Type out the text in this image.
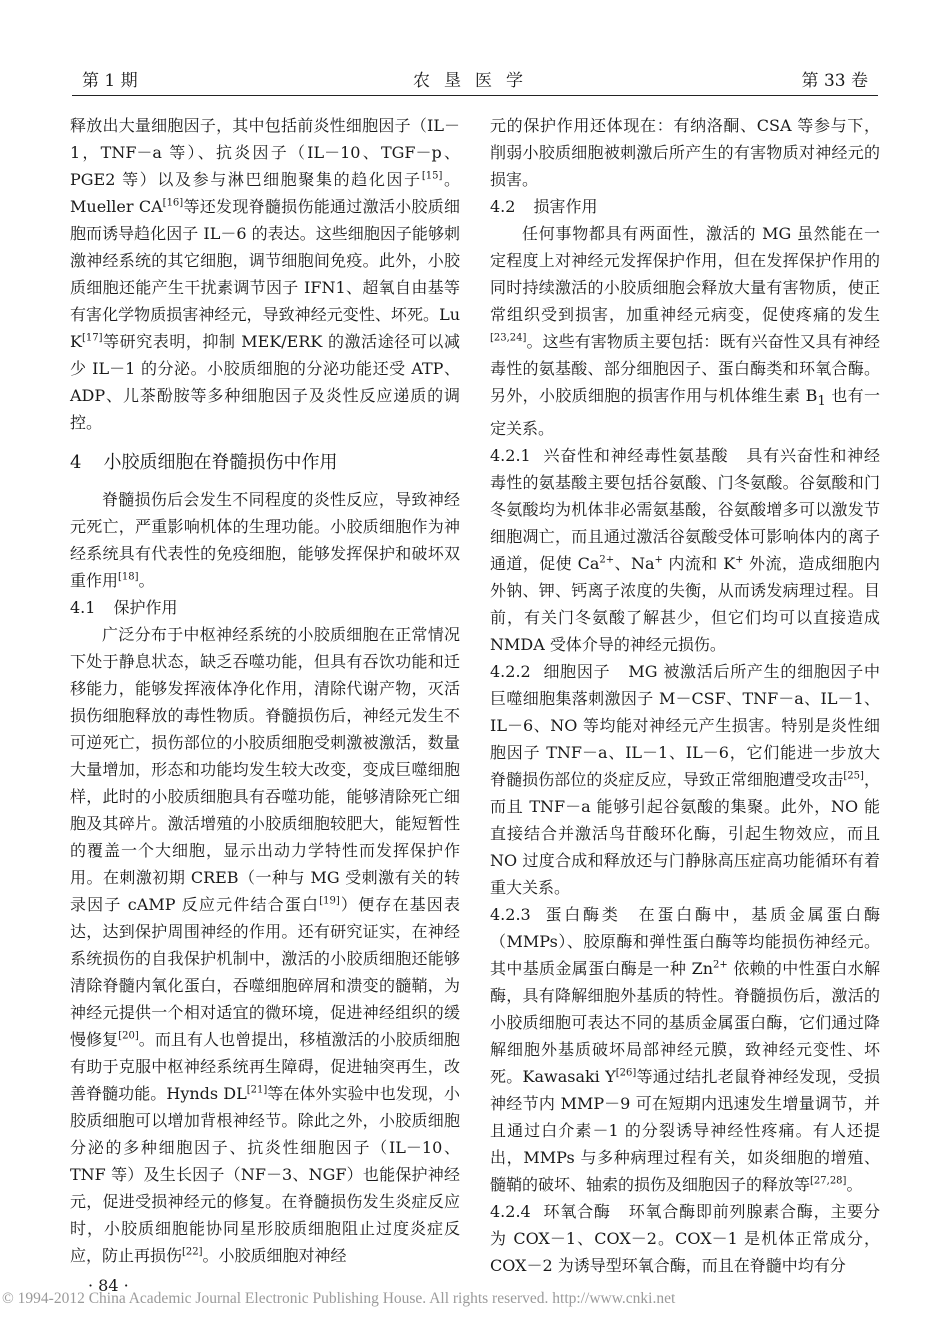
第 1 期	农垦医学	第 33 卷

释放出大量细胞因子，其中包括前炎性细胞因子（IL－1，TNF－a 等）、抗炎因子（IL－10、TGF－p、PGE2 等）以及参与淋巴细胞聚集的趋化因子[15]。Mueller CA[16]等还发现脊髓损伤能通过激活小胶质细胞而诱导趋化因子 IL－6 的表达。这些细胞因子能够刺激神经系统的其它细胞，调节细胞间免疫。此外，小胶质细胞还能产生干扰素调节因子 IFN1、超氧自由基等有害化学物质损害神经元，导致神经元变性、坏死。Lu K[17]等研究表明，抑制 MEK/ERK 的激活途径可以减少 IL－1 的分泌。小胶质细胞的分泌功能还受 ATP、ADP、儿茶酚胺等多种细胞因子及炎性反应递质的调控。

4 小胶质细胞在脊髓损伤中作用

脊髓损伤后会发生不同程度的炎性反应，导致神经元死亡，严重影响机体的生理功能。小胶质细胞作为神经系统具有代表性的免疫细胞，能够发挥保护和破坏双重作用[18]。

4.1 保护作用

广泛分布于中枢神经系统的小胶质细胞在正常情况下处于静息状态，缺乏吞噬功能，但具有吞饮功能和迁移能力，能够发挥液体净化作用，清除代谢产物，灭活损伤细胞释放的毒性物质。脊髓损伤后，神经元发生不可逆死亡，损伤部位的小胶质细胞受刺激被激活，数量大量增加，形态和功能均发生较大改变，变成巨噬细胞样，此时的小胶质细胞具有吞噬功能，能够清除死亡细胞及其碎片。激活增殖的小胶质细胞较肥大，能短暂性的覆盖一个大细胞，显示出动力学特性而发挥保护作用。在刺激初期 CREB（一种与 MG 受刺激有关的转录因子 cAMP 反应元件结合蛋白[19]）便存在基因表达，达到保护周围神经的作用。还有研究证实，在神经系统损伤的自我保护机制中，激活的小胶质细胞还能够清除脊髓内氧化蛋白，吞噬细胞碎屑和溃变的髓鞘，为神经元提供一个相对适宜的微环境，促进神经组织的缓慢修复[20]。而且有人也曾提出，移植激活的小胶质细胞有助于克服中枢神经系统再生障碍，促进轴突再生，改善脊髓功能。Hynds DL[21]等在体外实验中也发现，小胶质细胞可以增加背根神经节。除此之外，小胶质细胞分泌的多种细胞因子、抗炎性细胞因子（IL－10、TNF 等）及生长因子（NF－3、NGF）也能保护神经元，促进受损神经元的修复。在脊髓损伤发生炎症反应时，小胶质细胞能协同星形胶质细胞阻止过度炎症反应，防止再损伤[22]。小胶质细胞对神经

元的保护作用还体现在：有纳洛酮、CSA 等参与下，削弱小胶质细胞被刺激后所产生的有害物质对神经元的损害。

4.2 损害作用

任何事物都具有两面性，激活的 MG 虽然能在一定程度上对神经元发挥保护作用，但在发挥保护作用的同时持续激活的小胶质细胞会释放大量有害物质，使正常组织受到损害，加重神经元病变，促使疼痛的发生[23,24]。这些有害物质主要包括：既有兴奋性又具有神经毒性的氨基酸、部分细胞因子、蛋白酶类和环氧合酶。另外，小胶质细胞的损害作用与机体维生素 $B_1$ 也有一定关系。

4.2.1 兴奋性和神经毒性氨基酸 具有兴奋性和神经毒性的氨基酸主要包括谷氨酸、门冬氨酸。谷氨酸和门冬氨酸均为机体非必需氨基酸，谷氨酸增多可以激发节细胞凋亡，而且通过激活谷氨酸受体可影响体内的离子通道，促使 $Ca^{2+}$、Na+ 内流和 K+ 外流，造成细胞内外钠、钾、钙离子浓度的失衡，从而诱发病理过程。目前，有关门冬氨酸了解甚少，但它们均可以直接造成 NMDA 受体介导的神经元损伤。

4.2.2 细胞因子 MG 被激活后所产生的细胞因子中巨噬细胞集落刺激因子 M－CSF、TNF－a、IL－1、IL－6、NO 等均能对神经元产生损害。特别是炎性细胞因子 TNF－a、IL－1、IL－6，它们能进一步放大脊髓损伤部位的炎症反应，导致正常细胞遭受攻击[25]，而且 TNF－a 能够引起谷氨酸的集聚。此外，NO 能直接结合并激活鸟苷酸环化酶，引起生物效应，而且 NO 过度合成和释放还与门静脉高压症高功能循环有着重大关系。

4.2.3 蛋白酶类 在蛋白酶中，基质金属蛋白酶（MMPs）、胶原酶和弹性蛋白酶等均能损伤神经元。其中基质金属蛋白酶是一种 $Zn^{2+}$ 依赖的中性蛋白水解酶，具有降解细胞外基质的特性。脊髓损伤后，激活的小胶质细胞可表达不同的基质金属蛋白酶，它们通过降解细胞外基质破坏局部神经元膜，致神经元变性、坏死。Kawasaki Y[26]等通过结扎老鼠脊神经发现，受损神经节内 MMP－9 可在短期内迅速发生增量调节，并且通过白介素－1 的分裂诱导神经性疼痛。有人还提出，MMPs 与多种病理过程有关，如炎细胞的增殖、髓鞘的破坏、轴索的损伤及细胞因子的释放等[27,28]。

4.2.4 环氧合酶 环氧合酶即前列腺素合酶，主要分为 COX－1、COX－2。COX－1 是机体正常成分，COX－2 为诱导型环氧合酶，而且在脊髓中均有分

· 84 ·
© 1994-2012 China Academic Journal Electronic Publishing House. All rights reserved. http://www.cnki.net
